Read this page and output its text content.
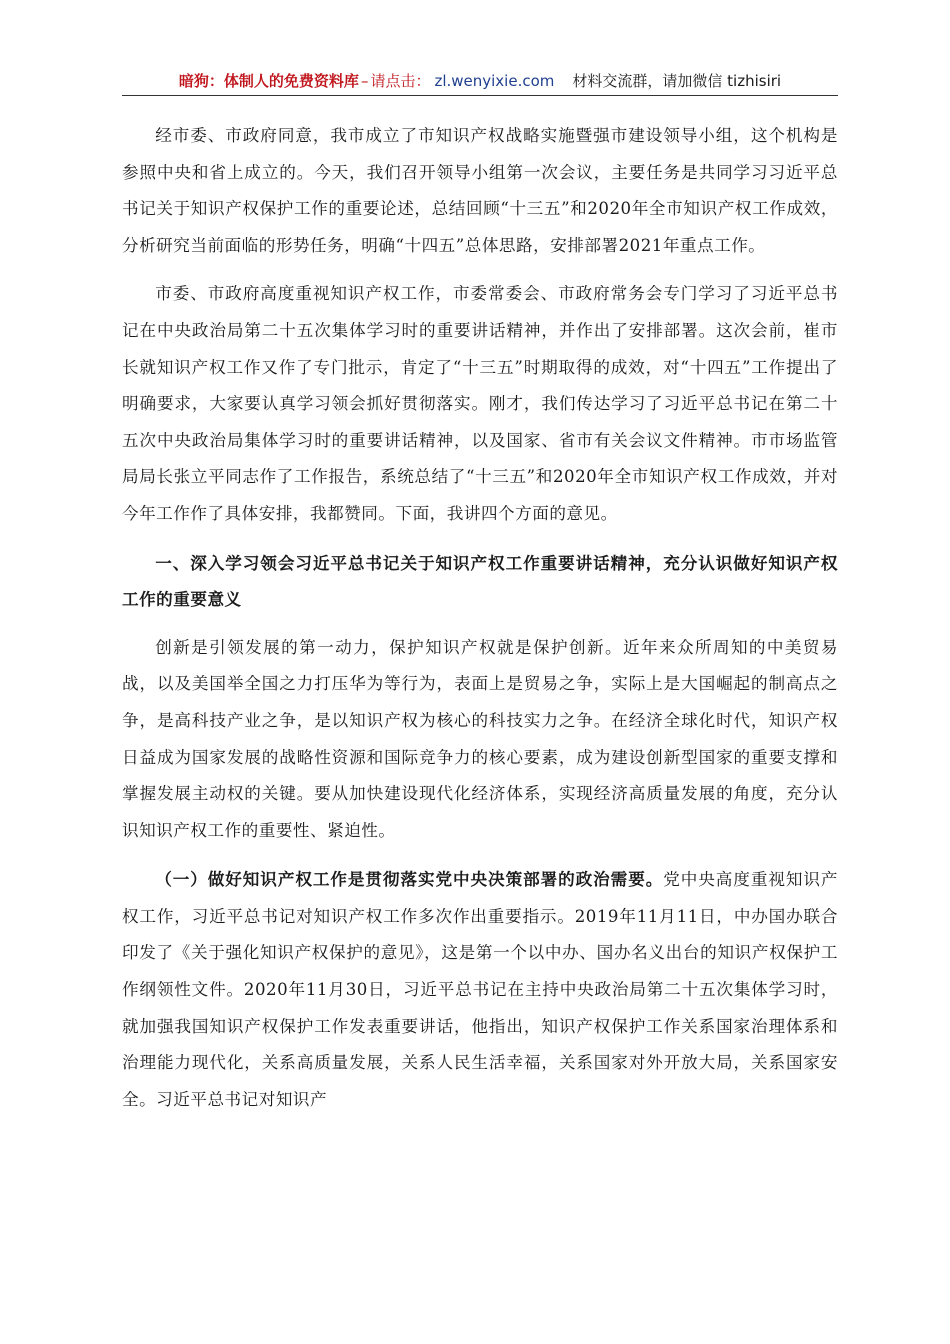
暗狗：体制人的免费资料库 – 请点击： zl.wenyixie.com 材料交流群，请加微信 tizhisiri

经市委、市政府同意，我市成立了市知识产权战略实施暨强市建设领导小组，这个机构是参照中央和省上成立的。今天，我们召开领导小组第一次会议，主要任务是共同学习习近平总书记关于知识产权保护工作的重要论述，总结回顾“十三五”和2020年全市知识产权工作成效，分析研究当前面临的形势任务，明确“十四五”总体思路，安排部署2021年重点工作。

市委、市政府高度重视知识产权工作，市委常委会、市政府常务会专门学习了习近平总书记在中央政治局第二十五次集体学习时的重要讲话精神，并作出了安排部署。这次会前，崔市长就知识产权工作又作了专门批示，肯定了“十三五”时期取得的成效，对“十四五”工作提出了明确要求，大家要认真学习领会抓好贯彻落实。刚才，我们传达学习了习近平总书记在第二十五次中央政治局集体学习时的重要讲话精神，以及国家、省市有关会议文件精神。市市场监管局局长张立平同志作了工作报告，系统总结了“十三五”和2020年全市知识产权工作成效，并对今年工作作了具体安排，我都赞同。下面，我讲四个方面的意见。

一、深入学习领会习近平总书记关于知识产权工作重要讲话精神，充分认识做好知识产权工作的重要意义

创新是引领发展的第一动力，保护知识产权就是保护创新。近年来众所周知的中美贸易战，以及美国举全国之力打压华为等行为，表面上是贸易之争，实际上是大国崛起的制高点之争，是高科技产业之争，是以知识产权为核心的科技实力之争。在经济全球化时代，知识产权日益成为国家发展的战略性资源和国际竞争力的核心要素，成为建设创新型国家的重要支撑和掌握发展主动权的关键。要从加快建设现代化经济体系，实现经济高质量发展的角度，充分认识知识产权工作的重要性、紧迫性。

（一）做好知识产权工作是贯彻落实党中央决策部署的政治需要。党中央高度重视知识产权工作，习近平总书记对知识产权工作多次作出重要指示。2019年11月11日，中办国办联合印发了《关于强化知识产权保护的意见》，这是第一个以中办、国办名义出台的知识产权保护工作纲领性文件。2020年11月30日，习近平总书记在主持中央政治局第二十五次集体学习时，就加强我国知识产权保护工作发表重要讲话，他指出，知识产权保护工作关系国家治理体系和治理能力现代化，关系高质量发展，关系人民生活幸福，关系国家对外开放大局，关系国家安全。习近平总书记对知识产
